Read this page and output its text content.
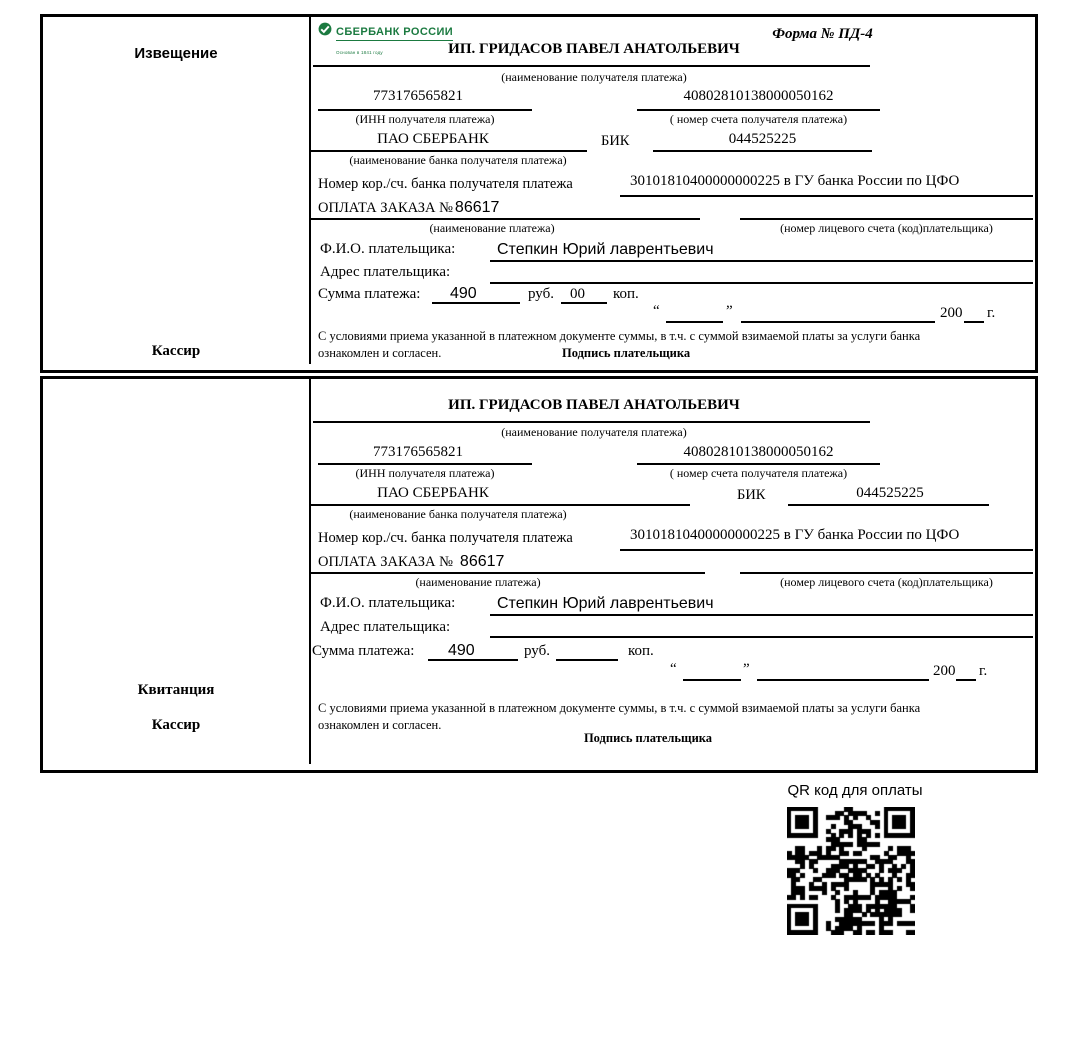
Извещение
Кассир
СБЕРБАНК РОССИИ
Основан в 1841 году
Форма № ПД-4
ИП. ГРИДАСОВ ПАВЕЛ АНАТОЛЬЕВИЧ
(наименование получателя платежа)
773176565821	40802810138000050162
(ИНН получателя платежа)	( номер счета получателя платежа)
ПАО СБЕРБАНК	БИК	044525225
(наименование банка получателя платежа)
Номер кор./сч. банка получателя платежа	30101810400000000225 в ГУ банка России по ЦФО
ОПЛАТА ЗАКАЗА № 86617
(наименование платежа)	(номер лицевого счета (код)плательщика)
Ф.И.О. плательщика:	Степкин Юрий лаврентьевич
Адрес плательщика:
Сумма платежа: 490	руб. 00 коп.
“	”	200 г.
С условиями приема указанной в платежном документе суммы, в т.ч. с суммой взимаемой платы за услуги банка
ознакомлен и согласен.	Подпись плательщика
Квитанция
Кассир
ИП. ГРИДАСОВ ПАВЕЛ АНАТОЛЬЕВИЧ
(наименование получателя платежа)
773176565821	40802810138000050162
(ИНН получателя платежа)	( номер счета получателя платежа)
ПАО СБЕРБАНК	БИК	044525225
(наименование банка получателя платежа)
Номер кор./сч. банка получателя платежа	30101810400000000225 в ГУ банка России по ЦФО
ОПЛАТА ЗАКАЗА № 86617
(наименование платежа)	(номер лицевого счета (код)плательщика)
Ф.И.О. плательщика:	Степкин Юрий лаврентьевич
Адрес плательщика:
Сумма платежа: 490	руб.	коп.
“	”	200 г.
С условиями приема указанной в платежном документе суммы, в т.ч. с суммой взимаемой платы за услуги банка
ознакомлен и согласен.
Подпись плательщика
QR код для оплаты
